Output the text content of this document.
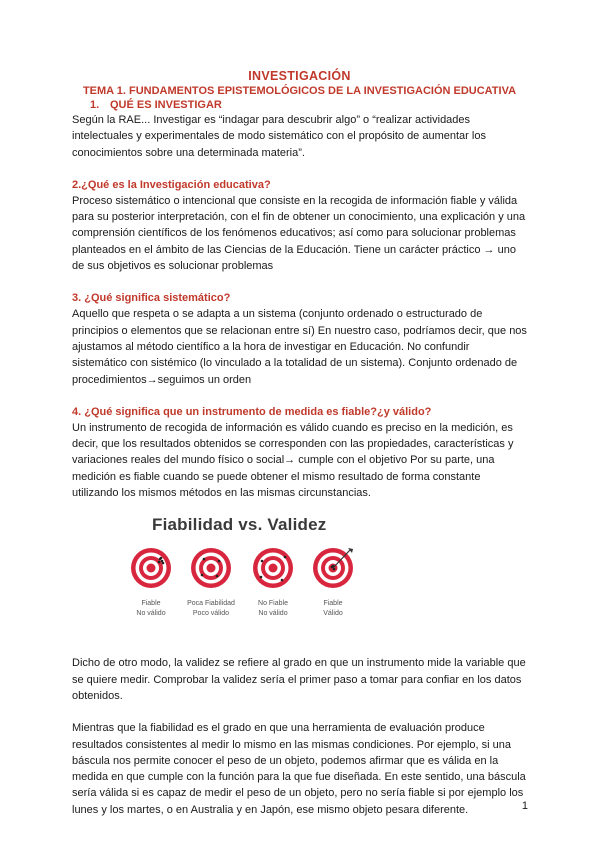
INVESTIGACIÓN
TEMA 1. FUNDAMENTOS EPISTEMOLÓGICOS DE LA INVESTIGACIÓN EDUCATIVA
1. QUÉ ES INVESTIGAR

Según la RAE... Investigar es “indagar para descubrir algo” o “realizar actividades intelectuales y experimentales de modo sistemático con el propósito de aumentar los conocimientos sobre una determinada materia”.

2.¿Qué es la Investigación educativa?

Proceso sistemático o intencional que consiste en la recogida de información fiable y válida para su posterior interpretación, con el fin de obtener un conocimiento, una explicación y una comprensión científicos de los fenómenos educativos; así como para solucionar problemas planteados en el ámbito de las Ciencias de la Educación. Tiene un carácter práctico → uno de sus objetivos es solucionar problemas

3. ¿Qué significa sistemático?

Aquello que respeta o se adapta a un sistema (conjunto ordenado o estructurado de principios o elementos que se relacionan entre sí) En nuestro caso, podríamos decir, que nos ajustamos al método científico a la hora de investigar en Educación. No confundir sistemático con sistémico (lo vinculado a la totalidad de un sistema). Conjunto ordenado de procedimientos→seguimos un orden

4. ¿Qué significa que un instrumento de medida es fiable?¿y válido?

Un instrumento de recogida de información es válido cuando es preciso en la medición, es decir, que los resultados obtenidos se corresponden con las propiedades, características y variaciones reales del mundo físico o social→ cumple con el objetivo Por su parte, una medición es fiable cuando se puede obtener el mismo resultado de forma constante utilizando los mismos métodos en las mismas circunstancias.

Fiabilidad vs. Validez
Fiable
No válido
Poca Fiabilidad
Poco válido
No Fiable
No válido
Fiable
Válido

Dicho de otro modo, la validez se refiere al grado en que un instrumento mide la variable que se quiere medir. Comprobar la validez sería el primer paso a tomar para confiar en los datos obtenidos.

Mientras que la fiabilidad es el grado en que una herramienta de evaluación produce resultados consistentes al medir lo mismo en las mismas condiciones. Por ejemplo, si una báscula nos permite conocer el peso de un objeto, podemos afirmar que es válida en la medida en que cumple con la función para la que fue diseñada. En este sentido, una báscula sería válida si es capaz de medir el peso de un objeto, pero no sería fiable si por ejemplo los lunes y los martes, o en Australia y en Japón, ese mismo objeto pesara diferente.	1
